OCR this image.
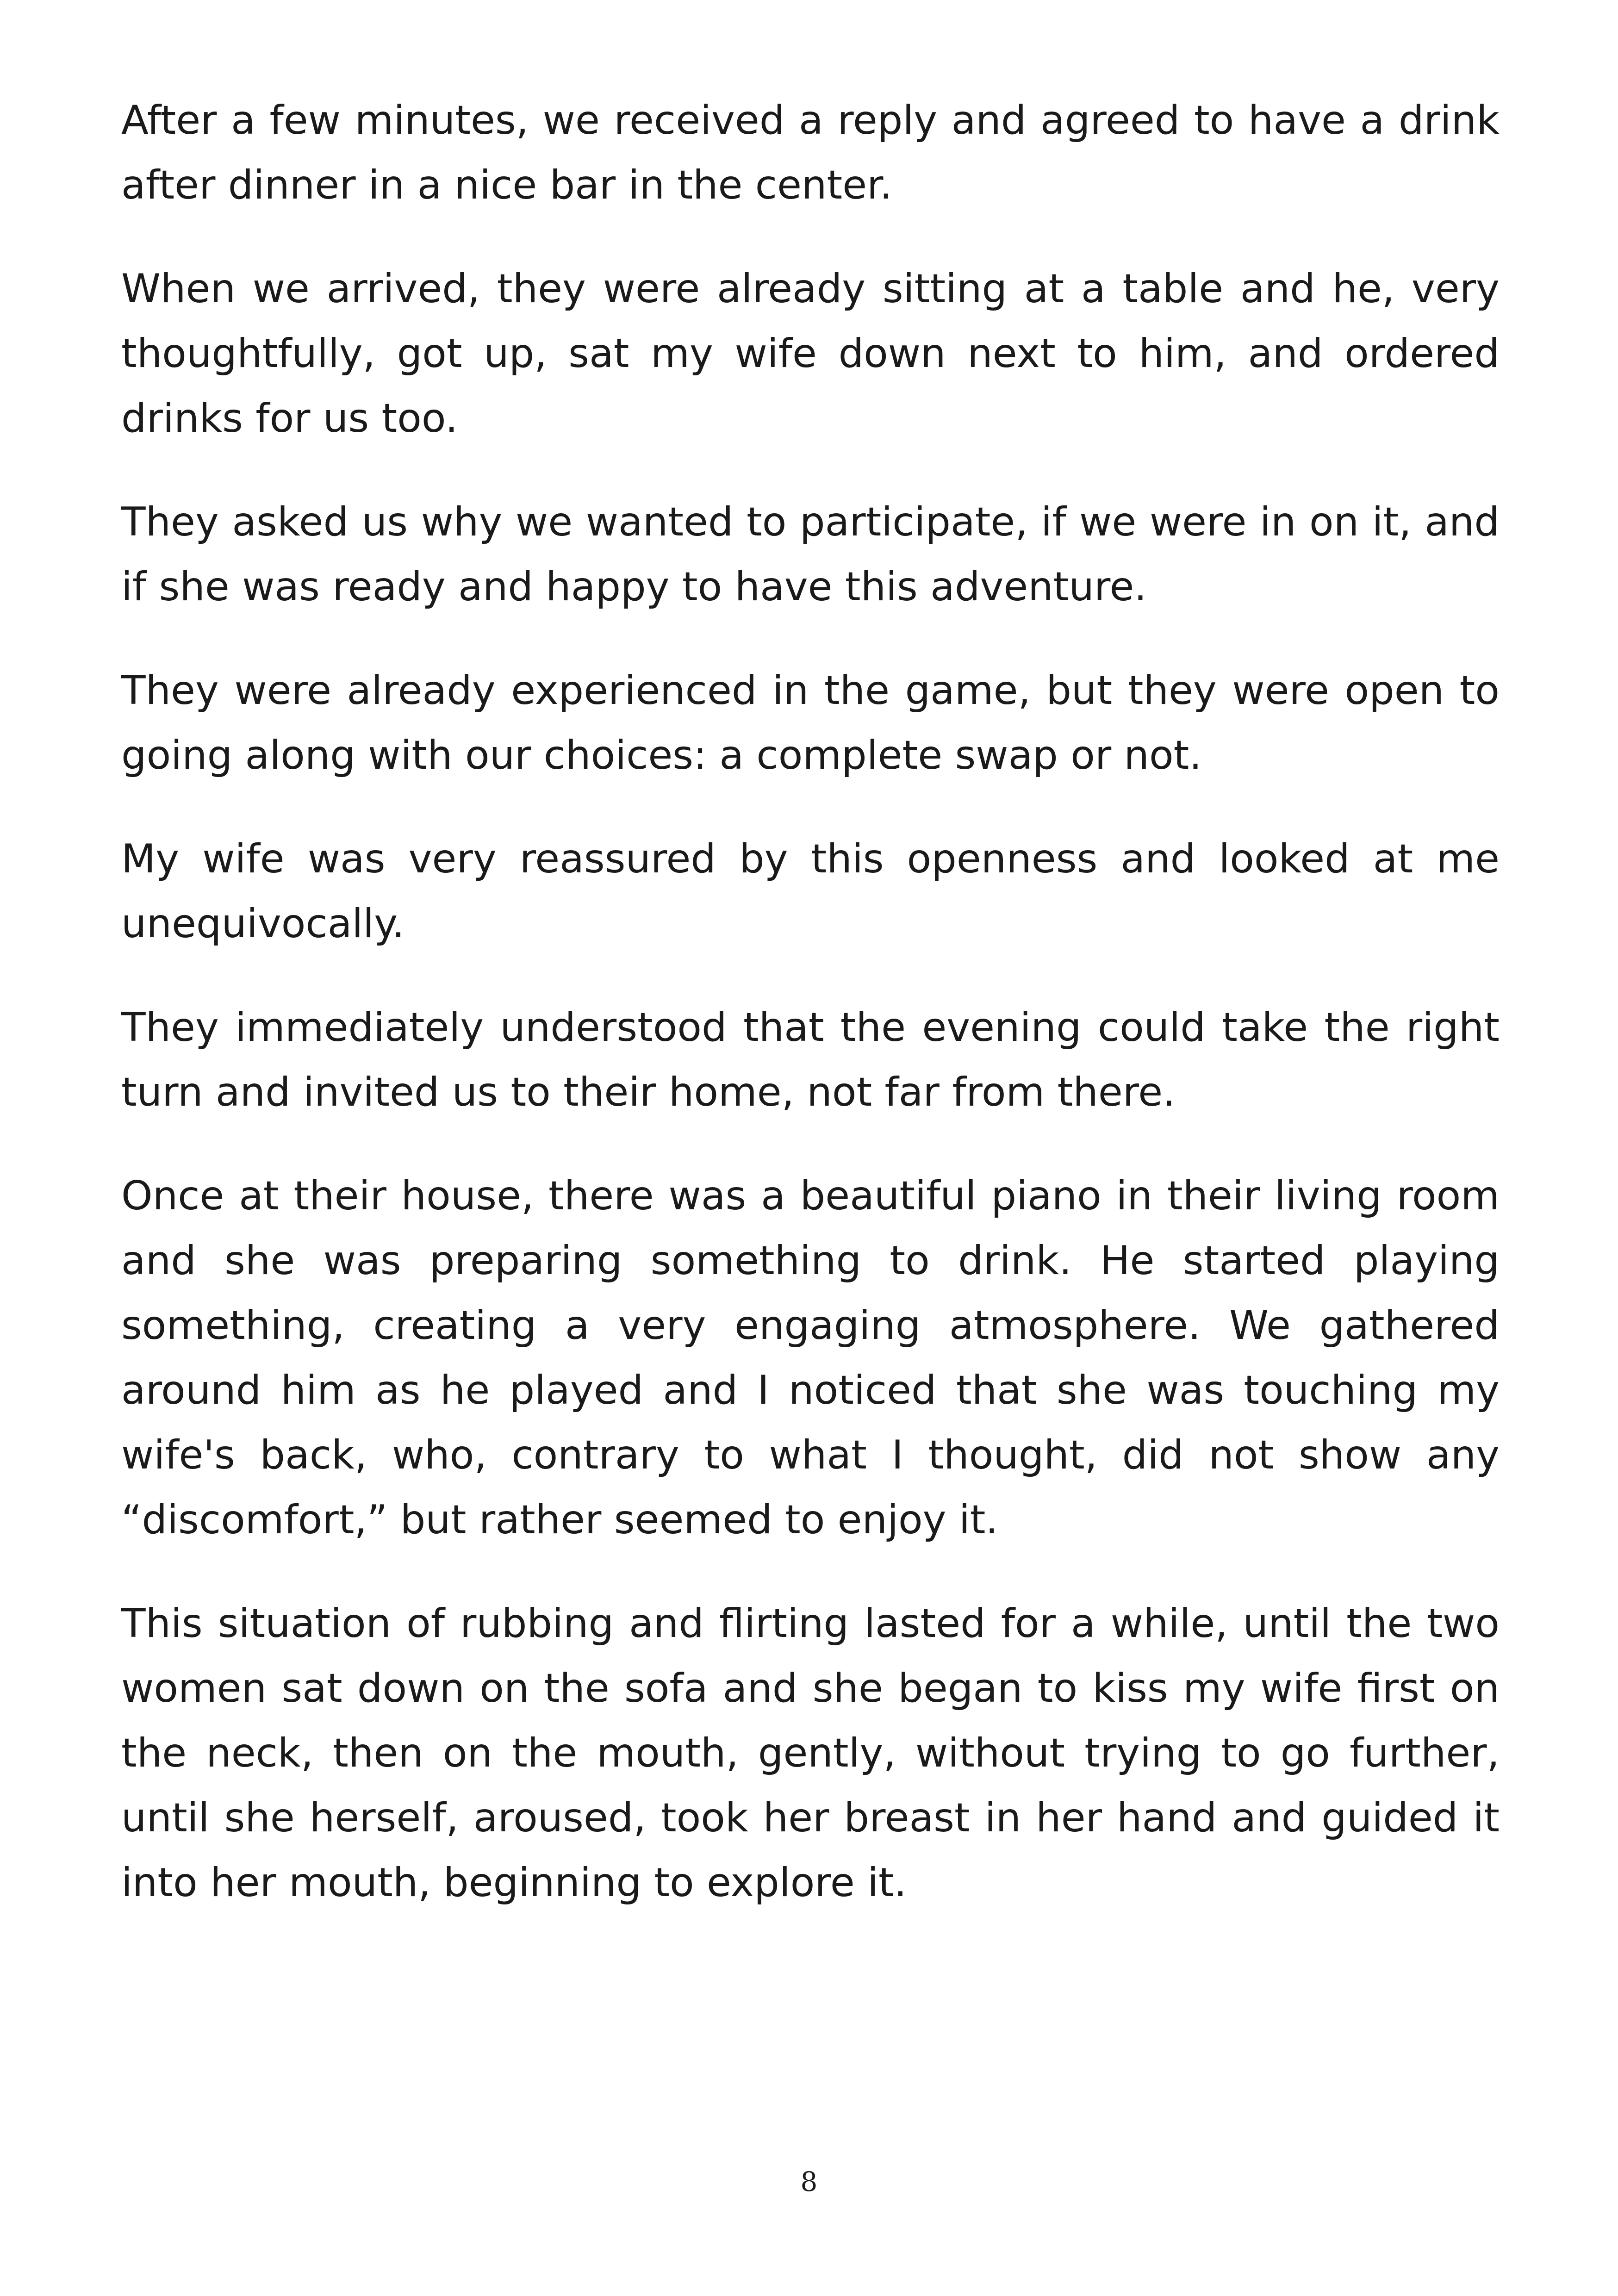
After a few minutes, we received a reply and agreed to have a drink after dinner in a nice bar in the center.

When we arrived, they were already sitting at a table and he, very thoughtfully, got up, sat my wife down next to him, and ordered drinks for us too.

They asked us why we wanted to participate, if we were in on it, and if she was ready and happy to have this adventure.

They were already experienced in the game, but they were open to going along with our choices: a complete swap or not.

My wife was very reassured by this openness and looked at me unequivocally.

They immediately understood that the evening could take the right turn and invited us to their home, not far from there.

Once at their house, there was a beautiful piano in their living room and she was preparing something to drink. He started playing something, creating a very engaging atmosphere. We gathered around him as he played and I noticed that she was touching my wife's back, who, contrary to what I thought, did not show any “discomfort,” but rather seemed to enjoy it.

This situation of rubbing and flirting lasted for a while, until the two women sat down on the sofa and she began to kiss my wife first on the neck, then on the mouth, gently, without trying to go further, until she herself, aroused, took her breast in her hand and guided it into her mouth, beginning to explore it.

8
